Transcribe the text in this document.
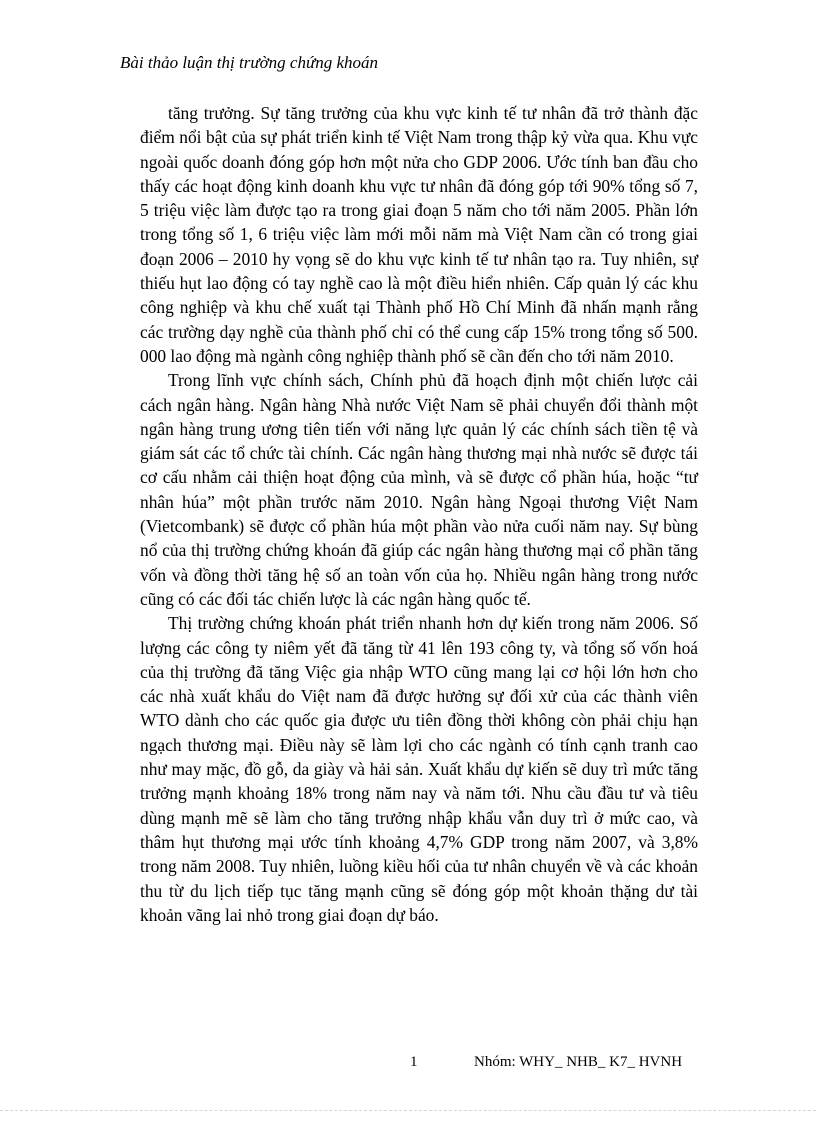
Bài thảo luận thị trường chứng khoán

tăng trưởng. Sự tăng trưởng của khu vực kinh tế tư nhân đã trở thành đặc điểm nổi bật của sự phát triển kinh tế Việt Nam trong thập kỷ vừa qua. Khu vực ngoài quốc doanh đóng góp hơn một nửa cho GDP 2006. Ước tính ban đầu cho thấy các hoạt động kinh doanh khu vực tư nhân đã đóng góp tới 90% tổng số 7, 5 triệu việc làm được tạo ra trong giai đoạn 5 năm cho tới năm 2005. Phần lớn trong tổng số 1, 6 triệu việc làm mới mỗi năm mà Việt Nam cần có trong giai đoạn 2006 – 2010 hy vọng sẽ do khu vực kinh tế tư nhân tạo ra. Tuy nhiên, sự thiếu hụt lao động có tay nghề cao là một điều hiển nhiên. Cấp quản lý các khu công nghiệp và khu chế xuất tại Thành phố Hồ Chí Minh đã nhấn mạnh rằng các trường dạy nghề của thành phố chỉ có thể cung cấp 15% trong tổng số 500. 000 lao động mà ngành công nghiệp thành phố sẽ cần đến cho tới năm 2010.

Trong lĩnh vực chính sách, Chính phủ đã hoạch định một chiến lược cải cách ngân hàng. Ngân hàng Nhà nước Việt Nam sẽ phải chuyển đổi thành một ngân hàng trung ương tiên tiến với năng lực quản lý các chính sách tiền tệ và giám sát các tổ chức tài chính. Các ngân hàng thương mại nhà nước sẽ được tái cơ cấu nhằm cải thiện hoạt động của mình, và sẽ được cổ phần húa, hoặc “tư nhân húa” một phần trước năm 2010. Ngân hàng Ngoại thương Việt Nam (Vietcombank) sẽ được cổ phần húa một phần vào nửa cuối năm nay. Sự bùng nổ của thị trường chứng khoán đã giúp các ngân hàng thương mại cổ phần tăng vốn và đồng thời tăng hệ số an toàn vốn của họ. Nhiều ngân hàng trong nước cũng có các đối tác chiến lược là các ngân hàng quốc tế.

Thị trường chứng khoán phát triển nhanh hơn dự kiến trong năm 2006. Số lượng các công ty niêm yết đã tăng từ 41 lên 193 công ty, và tổng số vốn hoá của thị trường đã tăng Việc gia nhập WTO cũng mang lại cơ hội lớn hơn cho các nhà xuất khẩu do Việt nam đã được hưởng sự đối xử của các thành viên WTO dành cho các quốc gia được ưu tiên đồng thời không còn phải chịu hạn ngạch thương mại. Điều này sẽ làm lợi cho các ngành có tính cạnh tranh cao như may mặc, đồ gỗ, da giày và hải sản. Xuất khẩu dự kiến sẽ duy trì mức tăng trưởng mạnh khoảng 18% trong năm nay và năm tới. Nhu cầu đầu tư và tiêu dùng mạnh mẽ sẽ làm cho tăng trưởng nhập khẩu vẫn duy trì ở mức cao, và thâm hụt thương mại ước tính khoảng 4,7% GDP trong năm 2007, và 3,8% trong năm 2008. Tuy nhiên, luồng kiều hối của tư nhân chuyển về và các khoản thu từ du lịch tiếp tục tăng mạnh cũng sẽ đóng góp một khoản thặng dư tài khoản vãng lai nhỏ trong giai đoạn dự báo.

1	Nhóm: WHY_ NHB_ K7_ HVNH
